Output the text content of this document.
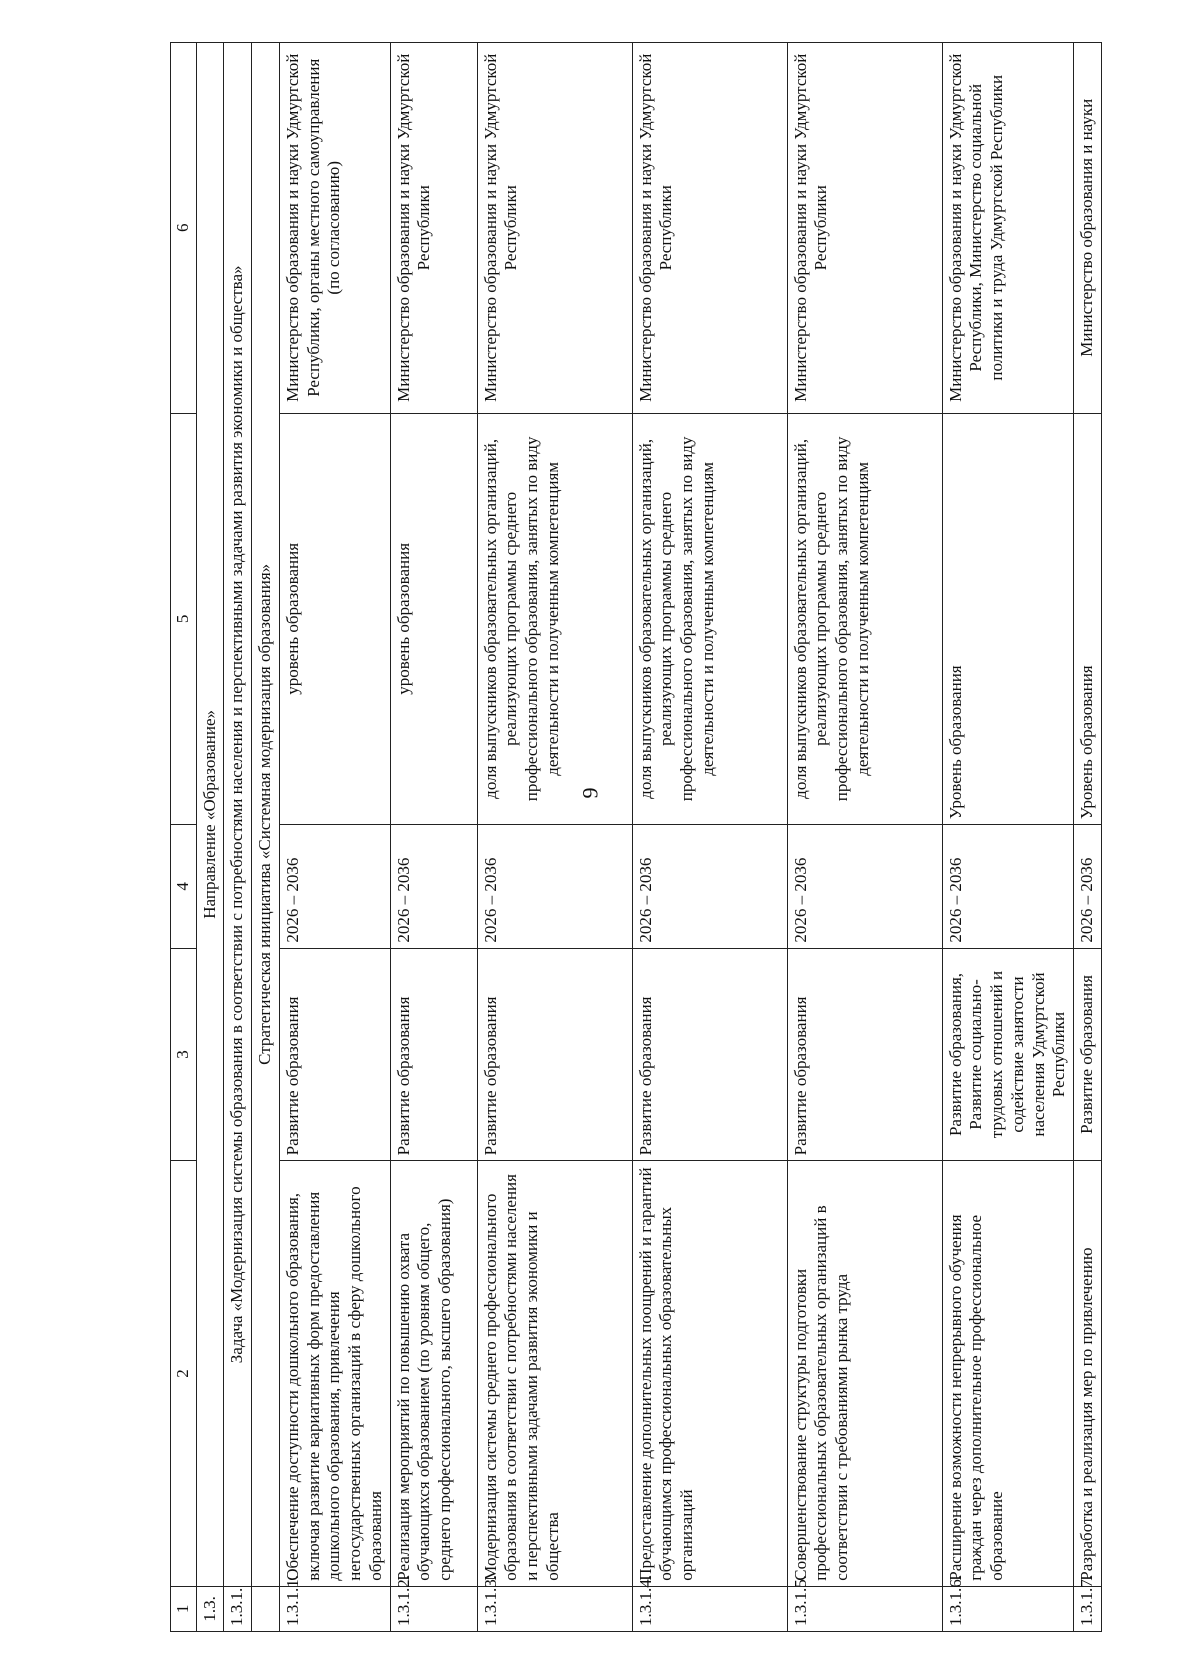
9
1	2	3	4	5	6
1.3.	Направление «Образование»				
1.3.1.	Задача «Модернизация системы образования в соответствии с потребностями населения и перспективными задачами развития экономики и общества»				
	Стратегическая инициатива «Системная модернизация образования»				
1.3.1.1.	Обеспечение доступности дошкольного образования, включая развитие вариативных форм предоставления дошкольного образования, привлечения негосударственных организаций в сферу дошкольного образования	Развитие образования	2026 – 2036	уровень образования	Министерство образования и науки Удмуртской Республики, органы местного самоуправления (по согласованию)
1.3.1.2.	Реализация мероприятий по повышению охвата обучающихся образованием (по уровням общего, среднего профессионального, высшего образования)	Развитие образования	2026 – 2036	уровень образования	Министерство образования и науки Удмуртской Республики
1.3.1.3.	Модернизация системы среднего профессионального образования в соответствии с потребностями населения и перспективными задачами развития экономики и общества	Развитие образования	2026 – 2036	доля выпускников образовательных организаций, реализующих программы среднего профессионального образования, занятых по виду деятельности и полученным компетенциям	Министерство образования и науки Удмуртской Республики
1.3.1.4.	Предоставление дополнительных поощрений и гарантий обучающимся профессиональных образовательных организаций	Развитие образования	2026 – 2036	доля выпускников образовательных организаций, реализующих программы среднего профессионального образования, занятых по виду деятельности и полученным компетенциям	Министерство образования и науки Удмуртской Республики
1.3.1.5.	Совершенствование структуры подготовки профессиональных образовательных организаций в соответствии с требованиями рынка труда	Развитие образования	2026 – 2036	доля выпускников образовательных организаций, реализующих программы среднего профессионального образования, занятых по виду деятельности и полученным компетенциям	Министерство образования и науки Удмуртской Республики
1.3.1.6.	Расширение возможности непрерывного обучения граждан через дополнительное профессиональное образование	Развитие образования, Развитие социально-трудовых отношений и содействие занятости населения Удмуртской Республики	2026 – 2036	Уровень образования	Министерство образования и науки Удмуртской Республики, Министерство социальной политики и труда Удмуртской Республики
1.3.1.7.	Разработка и реализация мер по привлечению	Развитие образования	2026 – 2036	Уровень образования	Министерство образования и науки
